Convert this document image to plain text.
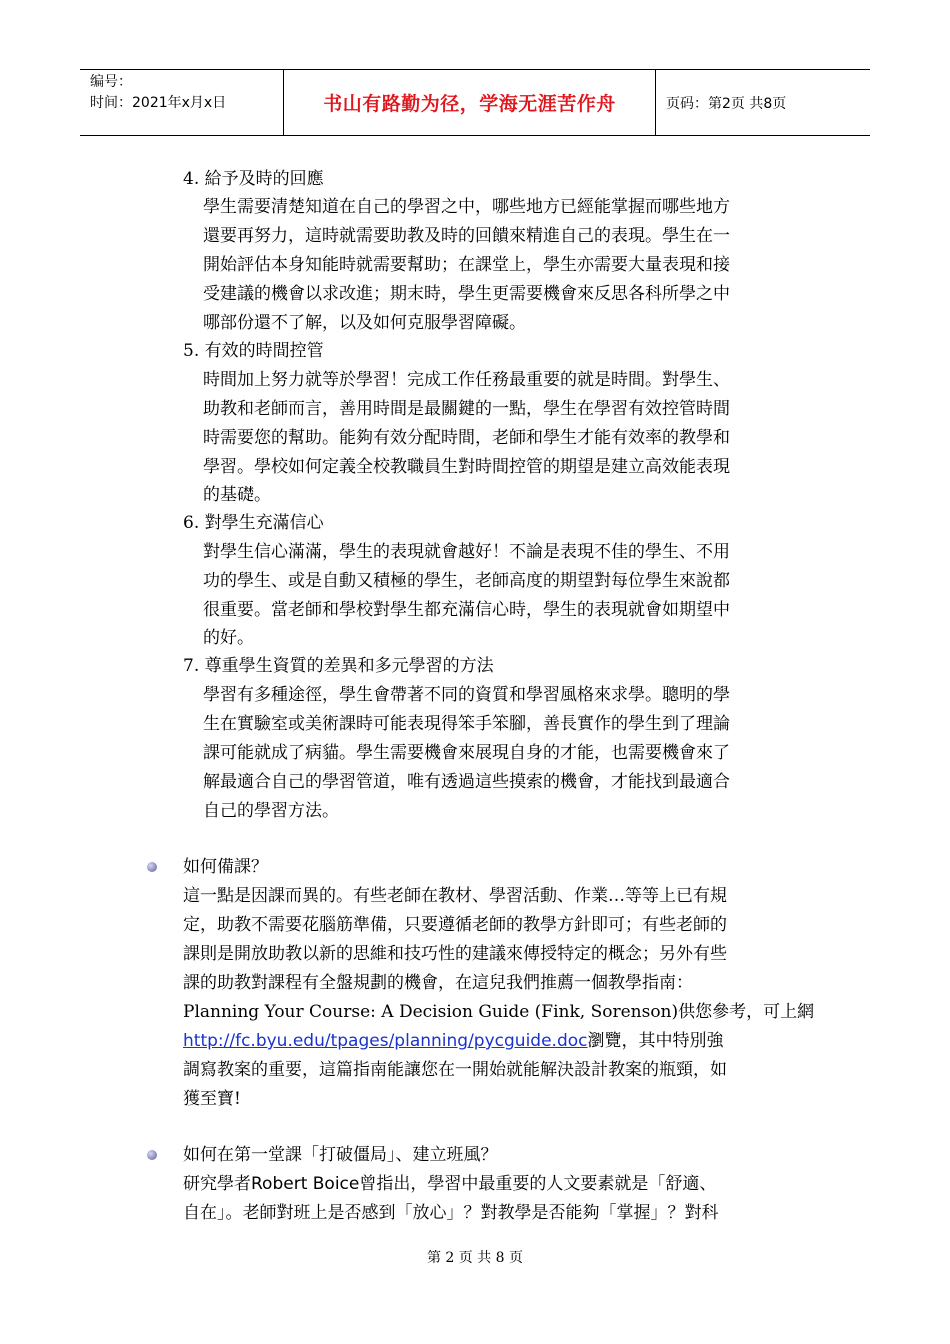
编号：
时间：2021年x月x日	书山有路勤为径，学海无涯苦作舟	页码：第2页 共8页
4. 給予及時的回應
學生需要清楚知道在自己的學習之中，哪些地方已經能掌握而哪些地方
還要再努力，這時就需要助教及時的回饋來精進自己的表現。學生在一
開始評估本身知能時就需要幫助；在課堂上，學生亦需要大量表現和接
受建議的機會以求改進；期末時，學生更需要機會來反思各科所學之中
哪部份還不了解，以及如何克服學習障礙。
5. 有效的時間控管
時間加上努力就等於學習！完成工作任務最重要的就是時間。對學生、
助教和老師而言，善用時間是最關鍵的一點，學生在學習有效控管時間
時需要您的幫助。能夠有效分配時間，老師和學生才能有效率的教學和
學習。學校如何定義全校教職員生對時間控管的期望是建立高效能表現
的基礎。
6. 對學生充滿信心
對學生信心滿滿，學生的表現就會越好！不論是表現不佳的學生、不用
功的學生、或是自動又積極的學生，老師高度的期望對每位學生來說都
很重要。當老師和學校對學生都充滿信心時，學生的表現就會如期望中
的好。
7. 尊重學生資質的差異和多元學習的方法
學習有多種途徑，學生會帶著不同的資質和學習風格來求學。聰明的學
生在實驗室或美術課時可能表現得笨手笨腳，善長實作的學生到了理論
課可能就成了病貓。學生需要機會來展現自身的才能，也需要機會來了
解最適合自己的學習管道，唯有透過這些摸索的機會，才能找到最適合
自己的學習方法。
如何備課？
這一點是因課而異的。有些老師在教材、學習活動、作業…等等上已有規
定，助教不需要花腦筋準備，只要遵循老師的教學方針即可；有些老師的
課則是開放助教以新的思維和技巧性的建議來傳授特定的概念；另外有些
課的助教對課程有全盤規劃的機會，在這兒我們推薦一個教學指南：
Planning Your Course: A Decision Guide (Fink, Sorenson)供您參考，可上網
http://fc.byu.edu/tpages/planning/pycguide.doc瀏覽，其中特別強
調寫教案的重要，這篇指南能讓您在一開始就能解決設計教案的瓶頸，如
獲至寶!
如何在第一堂課「打破僵局」、建立班風？
研究學者Robert Boice曾指出，學習中最重要的人文要素就是「舒適、
自在」。老師對班上是否感到「放心」？對教學是否能夠「掌握」？對科
第 2 页 共 8 页
